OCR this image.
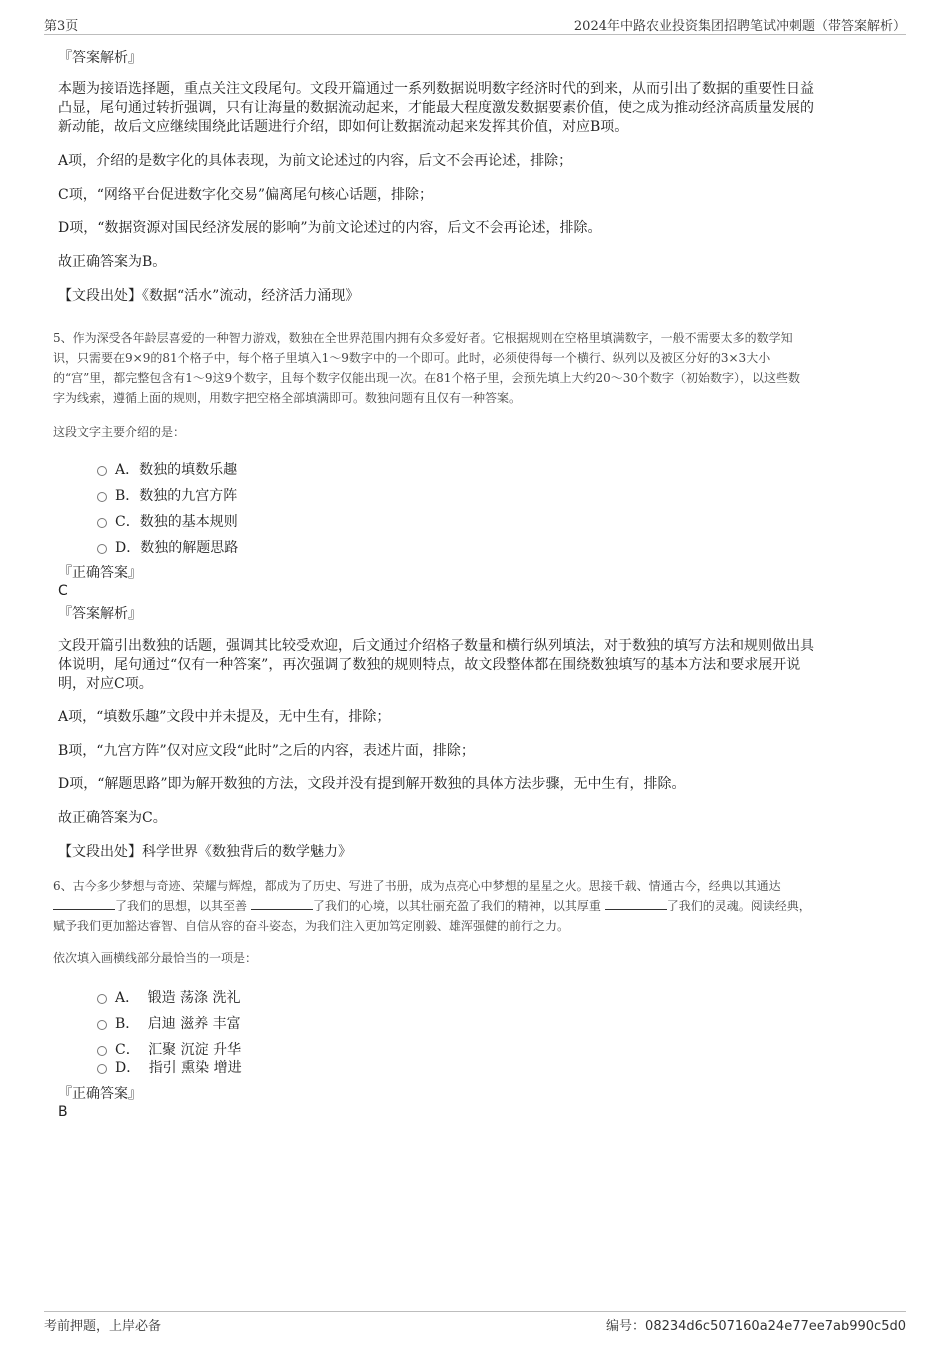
第3页	2024年中路农业投资集团招聘笔试冲刺题（带答案解析）
『答案解析』
本题为接语选择题，重点关注文段尾句。文段开篇通过一系列数据说明数字经济时代的到来，从而引出了数据的重要性日益
凸显，尾句通过转折强调，只有让海量的数据流动起来，才能最大程度激发数据要素价值，使之成为推动经济高质量发展的
新动能，故后文应继续围绕此话题进行介绍，即如何让数据流动起来发挥其价值，对应B项。
A项，介绍的是数字化的具体表现，为前文论述过的内容，后文不会再论述，排除；
C项，“网络平台促进数字化交易”偏离尾句核心话题，排除；
D项，“数据资源对国民经济发展的影响”为前文论述过的内容，后文不会再论述，排除。
故正确答案为B。
【文段出处】《数据“活水”流动，经济活力涌现》
5、作为深受各年龄层喜爱的一种智力游戏，数独在全世界范围内拥有众多爱好者。它根据规则在空格里填满数字，一般不需要太多的数学知
识，只需要在9×9的81个格子中，每个格子里填入1～9数字中的一个即可。此时，必须使得每一个横行、纵列以及被区分好的3×3大小
的“宫”里，都完整包含有1～9这9个数字，且每个数字仅能出现一次。在81个格子里，会预先填上大约20～30个数字（初始数字），以这些数
字为线索，遵循上面的规则，用数字把空格全部填满即可。数独问题有且仅有一种答案。
这段文字主要介绍的是：
A．数独的填数乐趣
B．数独的九宫方阵
C．数独的基本规则
D．数独的解题思路
『正确答案』
C
『答案解析』
文段开篇引出数独的话题，强调其比较受欢迎，后文通过介绍格子数量和横行纵列填法，对于数独的填写方法和规则做出具
体说明，尾句通过“仅有一种答案”，再次强调了数独的规则特点，故文段整体都在围绕数独填写的基本方法和要求展开说
明，对应C项。
A项，“填数乐趣”文段中并未提及，无中生有，排除；
B项，“九宫方阵”仅对应文段“此时”之后的内容，表述片面，排除；
D项，“解题思路”即为解开数独的方法，文段并没有提到解开数独的具体方法步骤，无中生有，排除。
故正确答案为C。
【文段出处】科学世界《数独背后的数学魅力》
6、古今多少梦想与奇迹、荣耀与辉煌，都成为了历史、写进了书册，成为点亮心中梦想的星星之火。思接千载、情通古今，经典以其通达
了我们的思想，以其至善	了我们的心境，以其壮丽充盈了我们的精神，以其厚重	了我们的灵魂。阅读经典，
赋予我们更加豁达睿智、自信从容的奋斗姿态，为我们注入更加笃定刚毅、雄浑强健的前行之力。
依次填入画横线部分最恰当的一项是：
A． 锻造 荡涤 洗礼
B． 启迪 滋养 丰富
C． 汇聚 沉淀 升华
D． 指引 熏染 增进
『正确答案』
B
考前押题，上岸必备	编号：08234d6c507160a24e77ee7ab990c5d0
